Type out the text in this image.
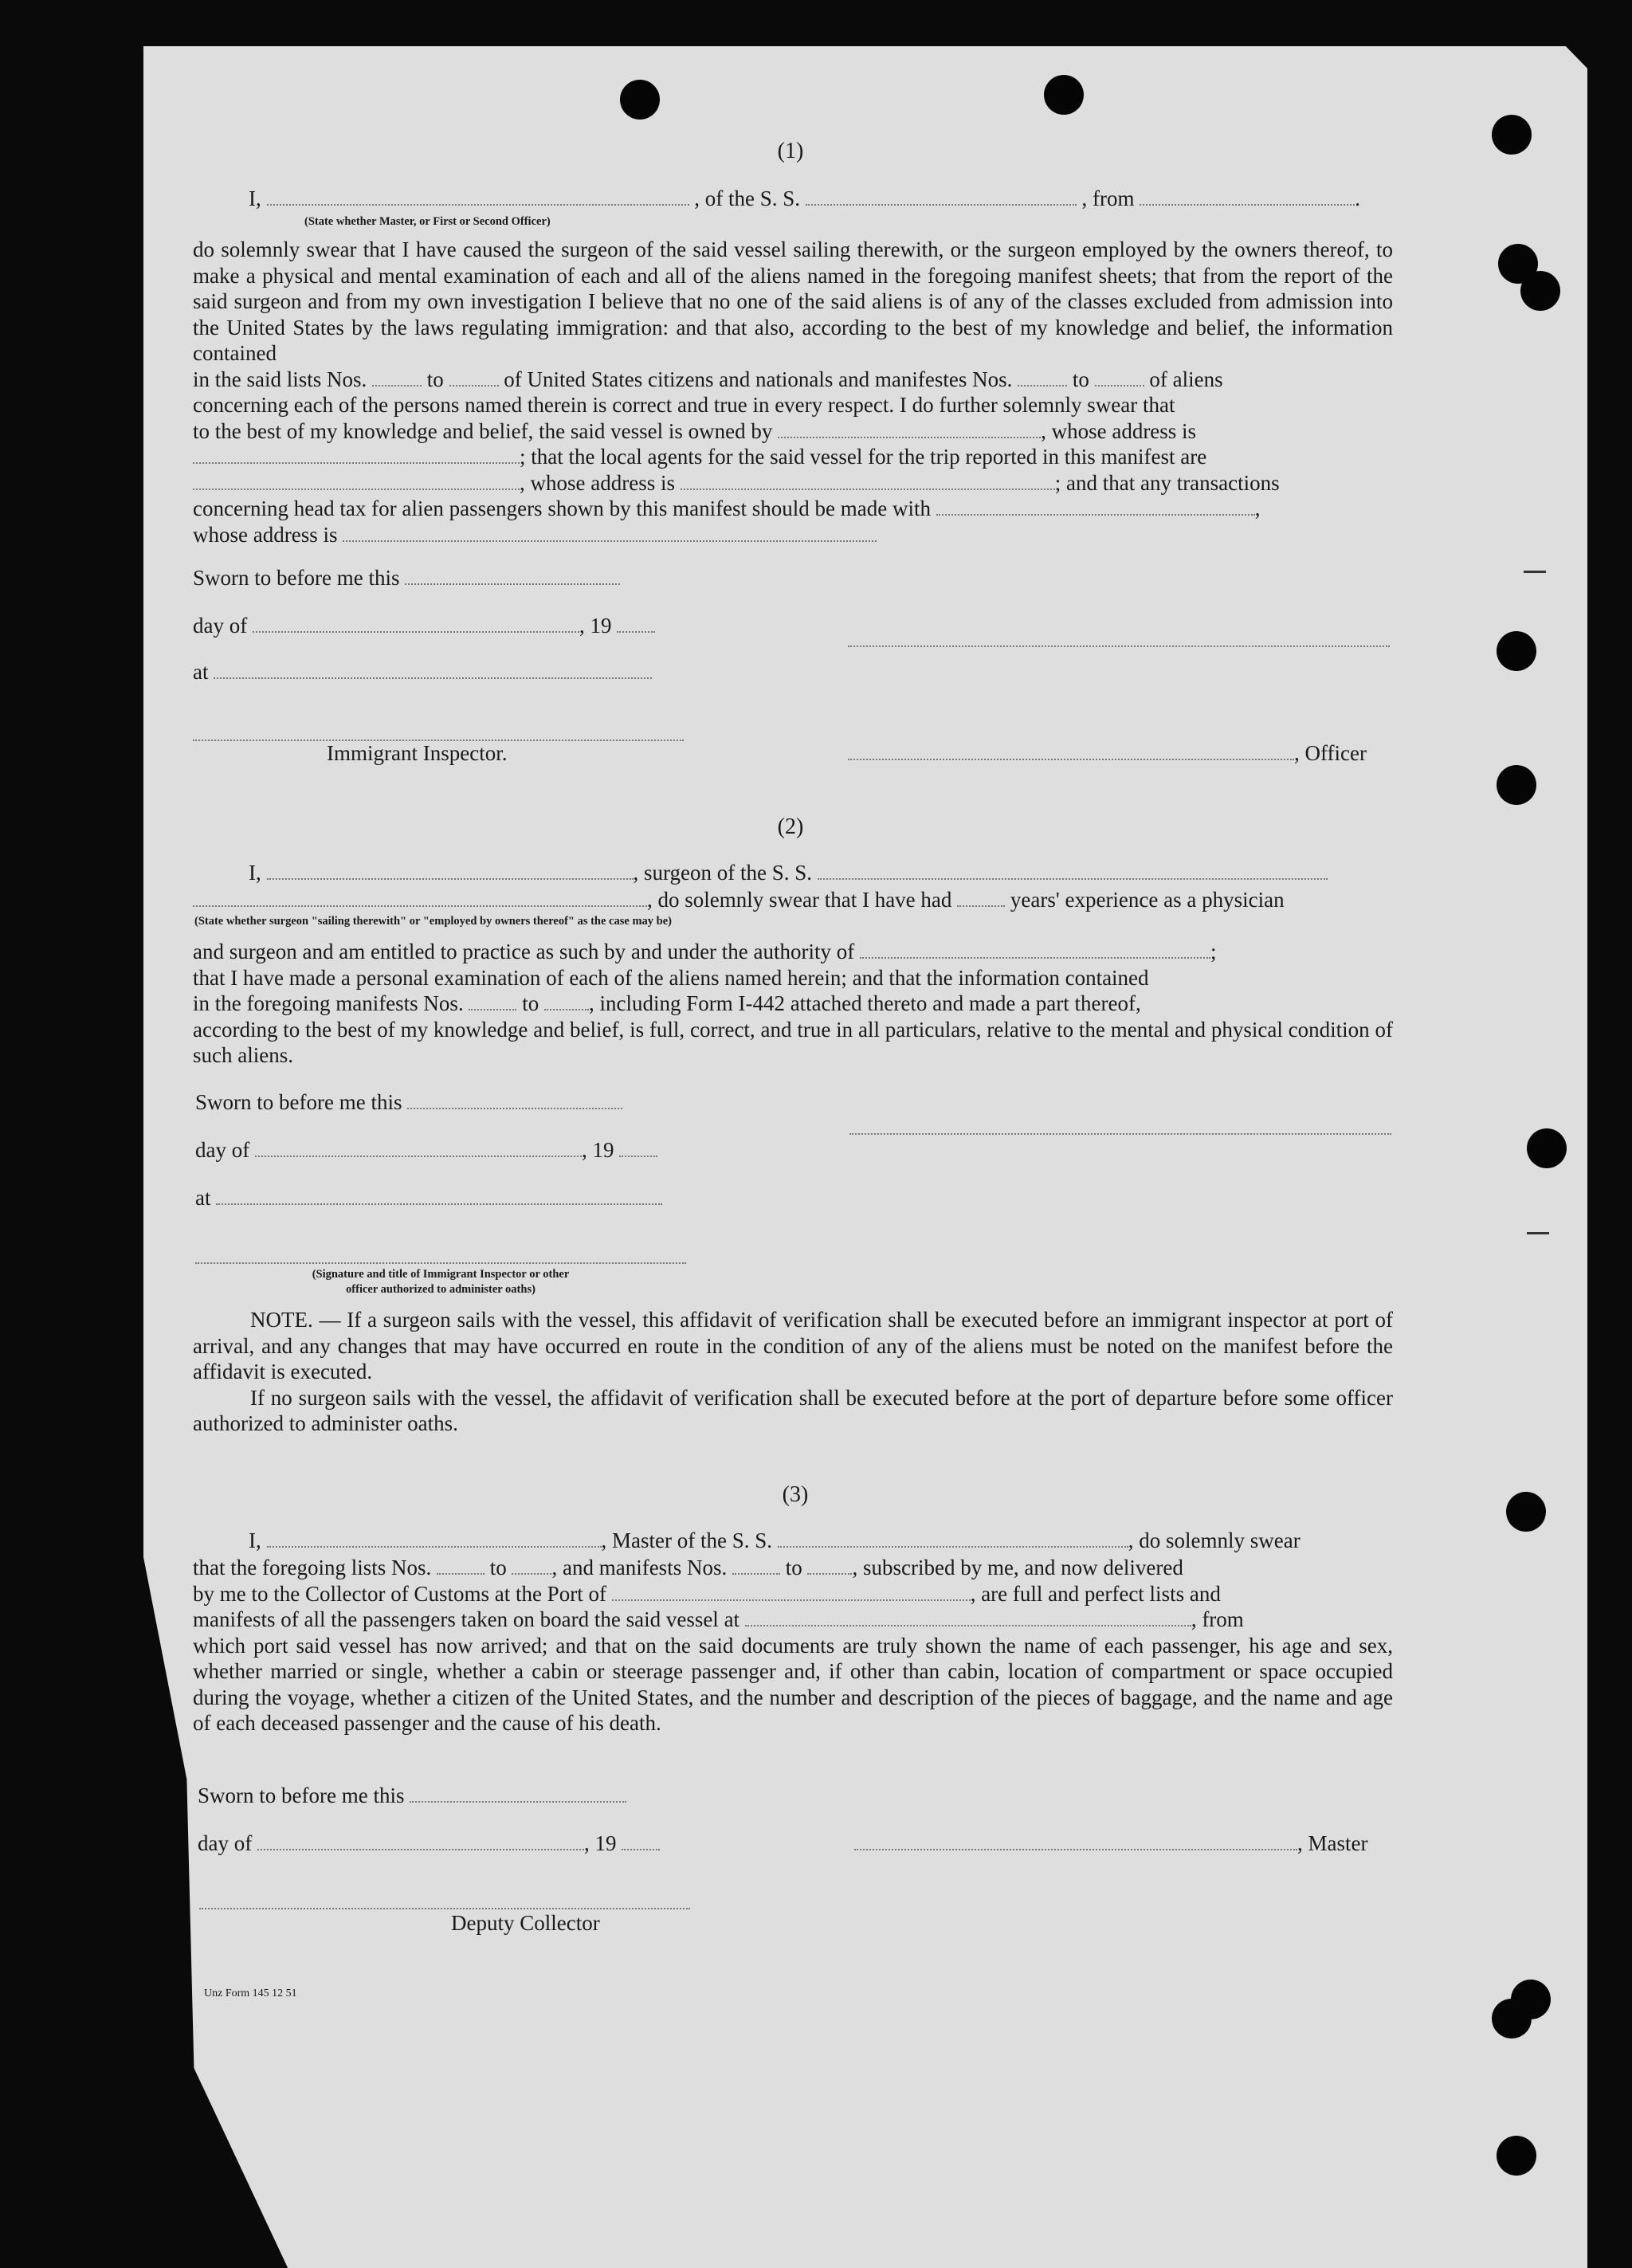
(1)
I,	, of the S. S.	, from	.
(State whether Master, or First or Second Officer)

do solemnly swear that I have caused the surgeon of the said vessel sailing therewith, or the surgeon employed by the owners thereof, to make a physical and mental examination of each and all of the aliens named in the foregoing manifest sheets; that from the report of the said surgeon and from my own investigation I believe that no one of the said aliens is of any of the classes excluded from admission into the United States by the laws regulating immigration: and that also, according to the best of my knowledge and belief, the information contained

in the said lists Nos.	to	of United States citizens and nationals and manifestes Nos.	to	of aliens

concerning each of the persons named therein is correct and true in every respect. I do further solemnly swear that

to the best of my knowledge and belief, the said vessel is owned by	, whose address is

; that the local agents for the said vessel for the trip reported in this manifest are

, whose address is	; and that any transactions

concerning head tax for alien passengers shown by this manifest should be made with	,

whose address is

Sworn to before me this
day of	, 19
at
Immigrant Inspector.	, Officer
(2)
I,	, surgeon of the S. S.
, do solemnly swear that I have had	years' experience as a physician
(State whether surgeon "sailing therewith" or "employed by owners thereof" as the case may be)

and surgeon and am entitled to practice as such by and under the authority of	;

that I have made a personal examination of each of the aliens named herein; and that the information contained

in the foregoing manifests Nos.	to , including Form I-442 attached thereto and made a part thereof,

according to the best of my knowledge and belief, is full, correct, and true in all particulars, relative to the mental and physical condition of such aliens.

Sworn to before me this
day of	, 19
at
(Signature and title of Immigrant Inspector or other
officer authorized to administer oaths)

NOTE. — If a surgeon sails with the vessel, this affidavit of verification shall be executed before an immigrant inspector at port of arrival, and any changes that may have occurred en route in the condition of any of the aliens must be noted on the manifest before the affidavit is executed.

If no surgeon sails with the vessel, the affidavit of verification shall be executed before at the port of departure before some officer authorized to administer oaths.

(3)
I,	, Master of the S. S.	, do solemnly swear

that the foregoing lists Nos.	to , and manifests Nos.	to , subscribed by me, and now delivered

by me to the Collector of Customs at the Port of	, are full and perfect lists and

manifests of all the passengers taken on board the said vessel at	, from

which port said vessel has now arrived; and that on the said documents are truly shown the name of each passenger, his age and sex, whether married or single, whether a cabin or steerage passenger and, if other than cabin, location of compartment or space occupied during the voyage, whether a citizen of the United States, and the number and description of the pieces of baggage, and the name and age of each deceased passenger and the cause of his death.

Sworn to before me this
day of	, 19	, Master
Deputy Collector
Unz Form 145 12 51
